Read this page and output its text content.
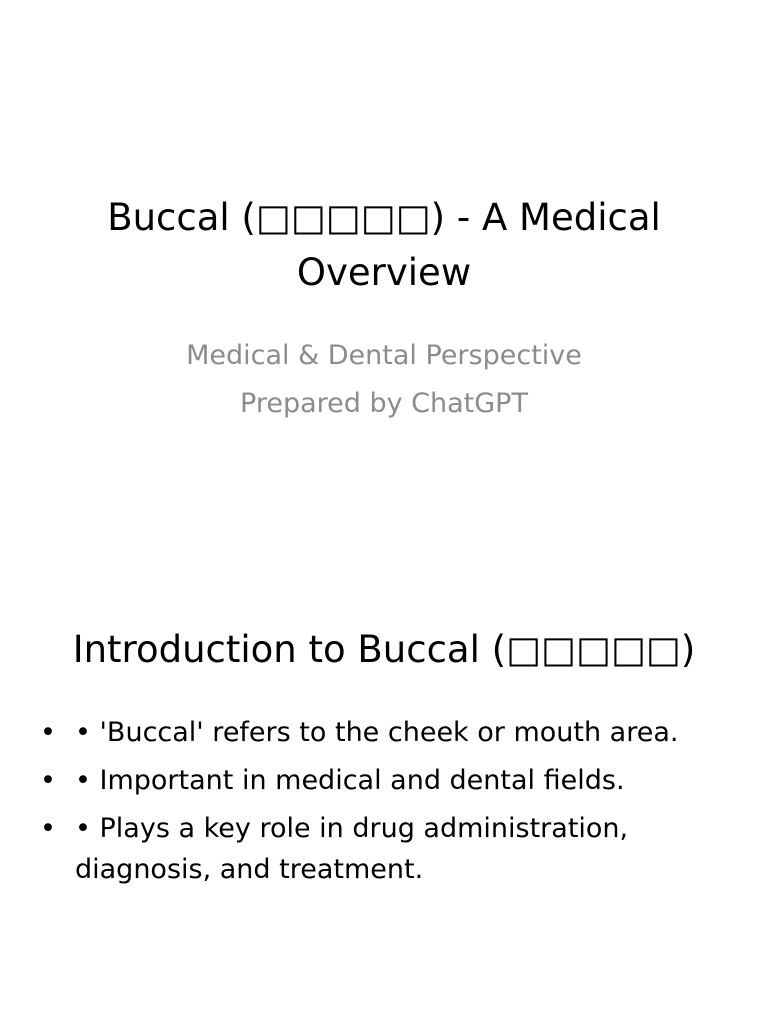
Buccal (□□□□□) - A Medical Overview
Medical & Dental Perspective
Prepared by ChatGPT
Introduction to Buccal (□□□□□)
• • 'Buccal' refers to the cheek or mouth area.
• • Important in medical and dental fields.
• • Plays a key role in drug administration, diagnosis, and treatment.
